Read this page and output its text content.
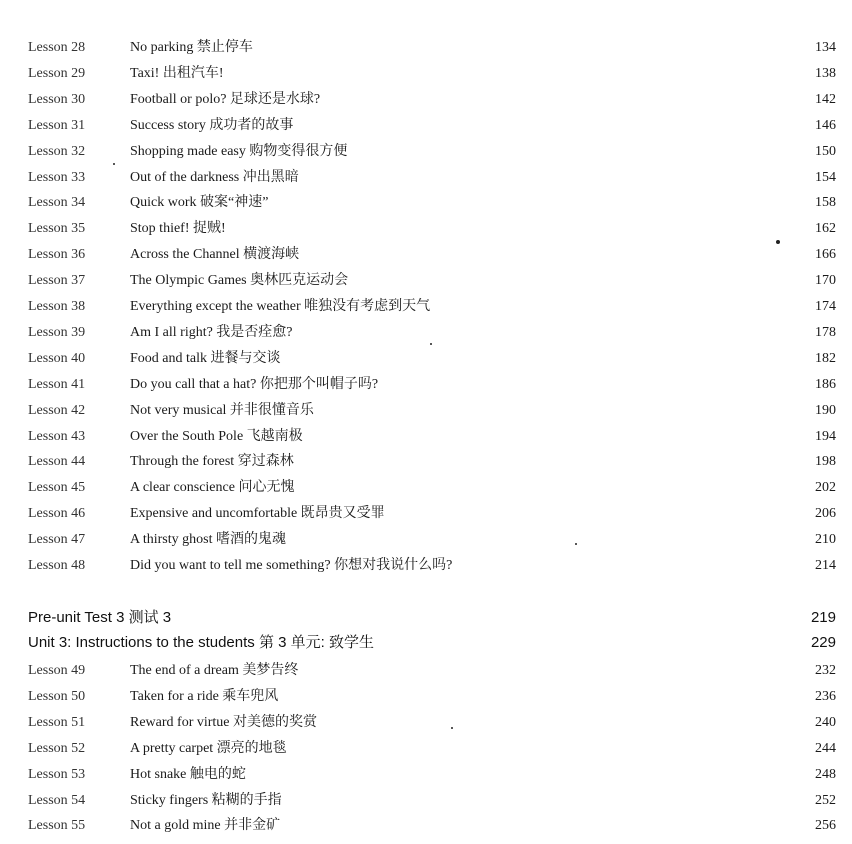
Lesson 28	No parking 禁止停车	134
Lesson 29	Taxi! 出租汽车!	138
Lesson 30	Football or polo? 足球还是水球?	142
Lesson 31	Success story 成功者的故事	146
Lesson 32	Shopping made easy 购物变得很方便	150
Lesson 33	Out of the darkness 冲出黑暗	154
Lesson 34	Quick work 破案“神速”	158
Lesson 35	Stop thief! 捉贼!	162
Lesson 36	Across the Channel 横渡海峡	166
Lesson 37	The Olympic Games 奥林匹克运动会	170
Lesson 38	Everything except the weather 唯独没有考虑到天气	174
Lesson 39	Am I all right? 我是否痊愈?	178
Lesson 40	Food and talk 进餐与交谈	182
Lesson 41	Do you call that a hat? 你把那个叫帽子吗?	186
Lesson 42	Not very musical 并非很懂音乐	190
Lesson 43	Over the South Pole 飞越南极	194
Lesson 44	Through the forest 穿过森林	198
Lesson 45	A clear conscience 问心无愧	202
Lesson 46	Expensive and uncomfortable 既昂贵又受罪	206
Lesson 47	A thirsty ghost 嗜酒的鬼魂	210
Lesson 48	Did you want to tell me something? 你想对我说什么吗?	214
Pre-unit Test 3 测试 3	219
Unit 3: Instructions to the students 第 3 单元: 致学生	229
Lesson 49	The end of a dream 美梦告终	232
Lesson 50	Taken for a ride 乘车兜风	236
Lesson 51	Reward for virtue 对美德的奖赏	240
Lesson 52	A pretty carpet 漂亮的地毯	244
Lesson 53	Hot snake 触电的蛇	248
Lesson 54	Sticky fingers 粘糊的手指	252
Lesson 55	Not a gold mine 并非金矿	256
